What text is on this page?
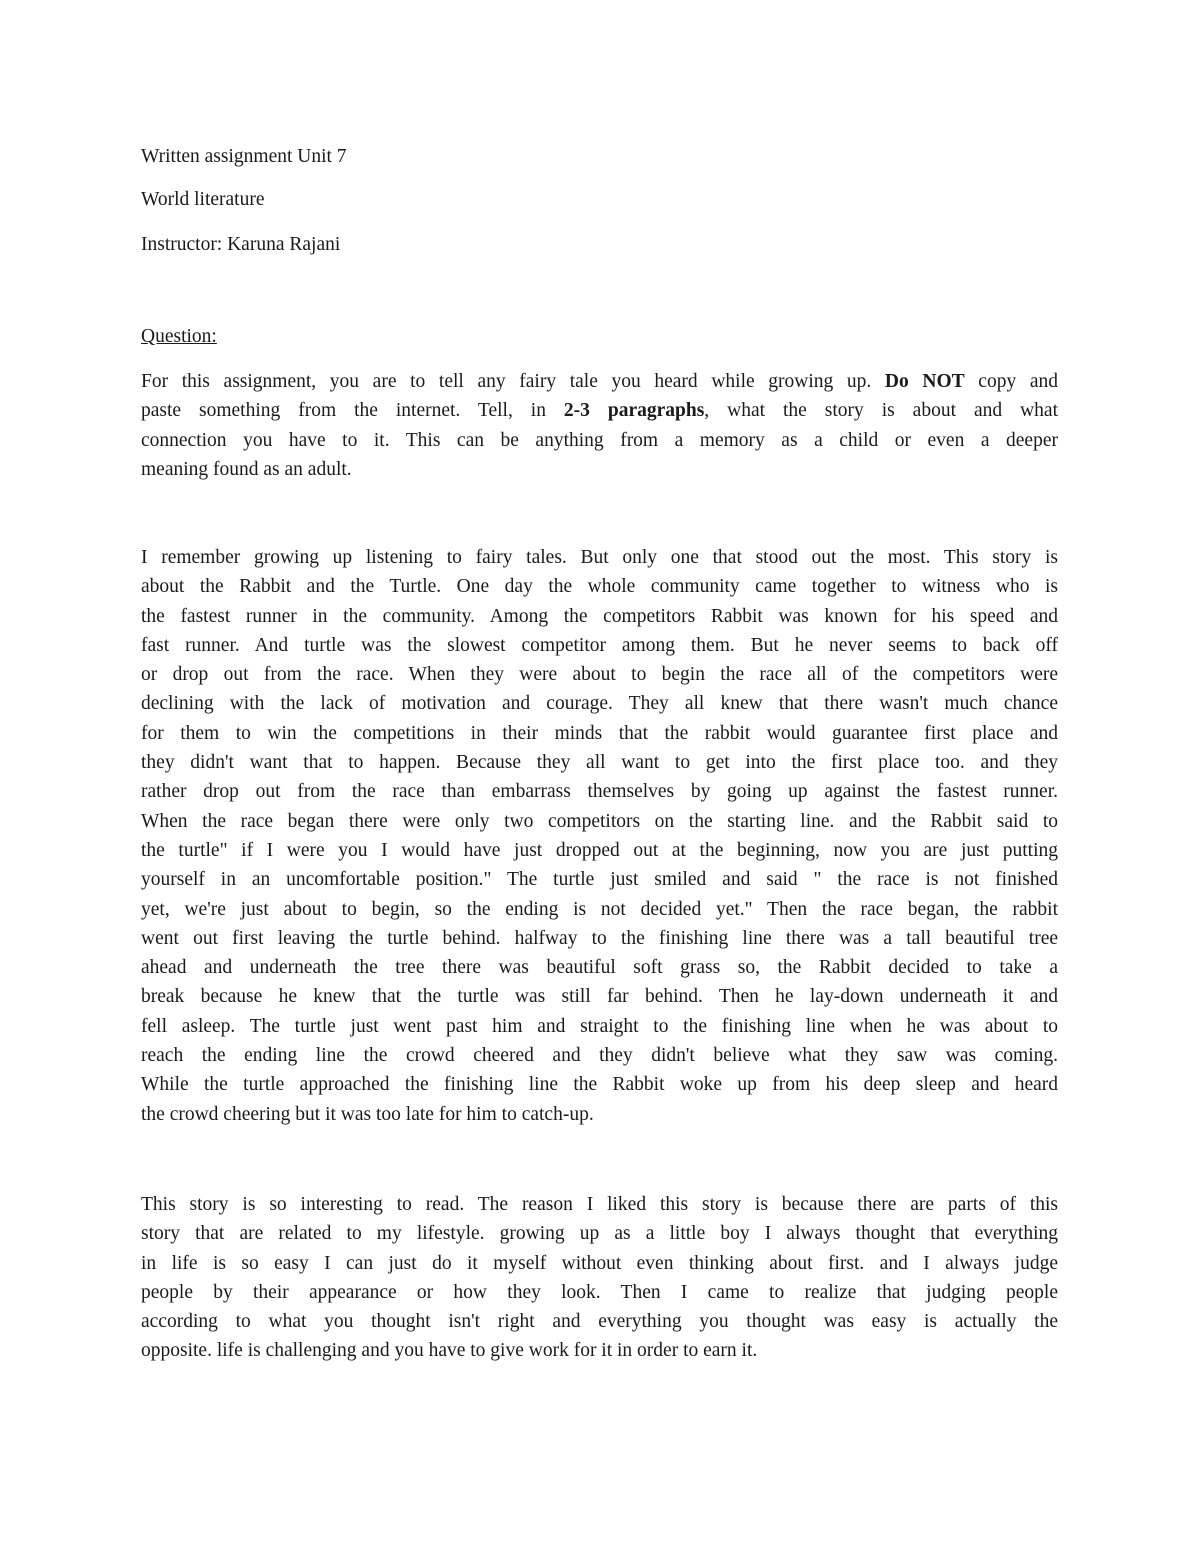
Written assignment Unit 7
World literature
Instructor: Karuna Rajani
Question:
For this assignment, you are to tell any fairy tale you heard while growing up. Do NOT copy and
paste something from the internet. Tell, in 2-3 paragraphs, what the story is about and what
connection you have to it. This can be anything from a memory as a child or even a deeper
meaning found as an adult.
I remember growing up listening to fairy tales. But only one that stood out the most. This story is
about the Rabbit and the Turtle. One day the whole community came together to witness who is
the fastest runner in the community. Among the competitors Rabbit was known for his speed and
fast runner. And turtle was the slowest competitor among them. But he never seems to back off
or drop out from the race. When they were about to begin the race all of the competitors were
declining with the lack of motivation and courage. They all knew that there wasn't much chance
for them to win the competitions in their minds that the rabbit would guarantee first place and
they didn't want that to happen. Because they all want to get into the first place too. and they
rather drop out from the race than embarrass themselves by going up against the fastest runner.
When the race began there were only two competitors on the starting line. and the Rabbit said to
the turtle" if I were you I would have just dropped out at the beginning, now you are just putting
yourself in an uncomfortable position." The turtle just smiled and said " the race is not finished
yet, we're just about to begin, so the ending is not decided yet." Then the race began, the rabbit
went out first leaving the turtle behind. halfway to the finishing line there was a tall beautiful tree
ahead and underneath the tree there was beautiful soft grass so, the Rabbit decided to take a
break because he knew that the turtle was still far behind. Then he lay-down underneath it and
fell asleep. The turtle just went past him and straight to the finishing line when he was about to
reach the ending line the crowd cheered and they didn't believe what they saw was coming.
While the turtle approached the finishing line the Rabbit woke up from his deep sleep and heard
the crowd cheering but it was too late for him to catch-up.
This story is so interesting to read. The reason I liked this story is because there are parts of this
story that are related to my lifestyle. growing up as a little boy I always thought that everything
in life is so easy I can just do it myself without even thinking about first. and I always judge
people by their appearance or how they look. Then I came to realize that judging people
according to what you thought isn't right and everything you thought was easy is actually the
opposite. life is challenging and you have to give work for it in order to earn it.
